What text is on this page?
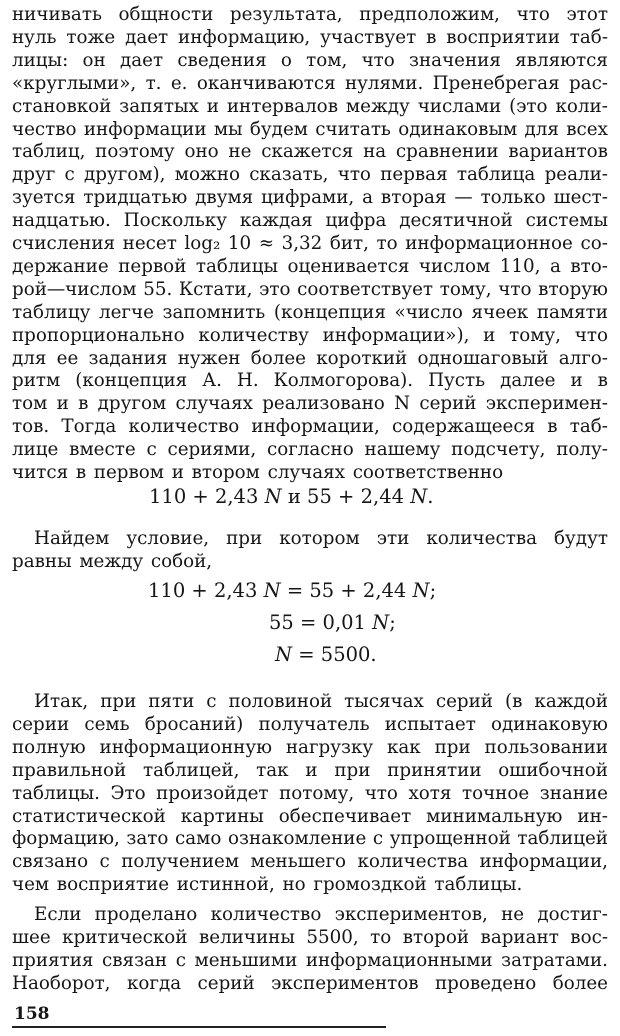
ничивать общности результата, предположим, что этот
нуль тоже дает информацию, участвует в восприятии таб-
лицы: он дает сведения о том, что значения являются
«круглыми», т. е. оканчиваются нулями. Пренебрегая рас-
становкой запятых и интервалов между числами (это коли-
чество информации мы будем считать одинаковым для всех
таблиц, поэтому оно не скажется на сравнении вариантов
друг с другом), можно сказать, что первая таблица реали-
зуется тридцатью двумя цифрами, а вторая — только шест-
надцатью. Поскольку каждая цифра десятичной системы
счисления несет log₂ 10 ≈ 3,32 бит, то информационное со-
держание первой таблицы оценивается числом 110, а вто-
рой—числом 55. Кстати, это соответствует тому, что вторую
таблицу легче запомнить (концепция «число ячеек памяти
пропорционально количеству информации»), и тому, что
для ее задания нужен более короткий одношаговый алго-
ритм (концепция А. Н. Колмогорова). Пусть далее и в
том и в другом случаях реализовано N серий эксперимен-
тов. Тогда количество информации, содержащееся в таб-
лице вместе с сериями, согласно нашему подсчету, полу-
чится в первом и втором случаях соответственно
Найдем условие, при котором эти количества будут
равны между собой,
Итак, при пяти с половиной тысячах серий (в каждой
серии семь бросаний) получатель испытает одинаковую
полную информационную нагрузку как при пользовании
правильной таблицей, так и при принятии ошибочной
таблицы. Это произойдет потому, что хотя точное знание
статистической картины обеспечивает минимальную ин-
формацию, зато само ознакомление с упрощенной таблицей
связано с получением меньшего количества информации,
чем восприятие истинной, но громоздкой таблицы.
Если проделано количество экспериментов, не достиг-
шее критической величины 5500, то второй вариант вос-
приятия связан с меньшими информационными затратами.
Наоборот, когда серий экспериментов проведено более
110 + 2,43 N и 55 + 2,44 N.
110 + 2,43 N = 55 + 2,44 N;
55 = 0,01 N;
N = 5500.
158
